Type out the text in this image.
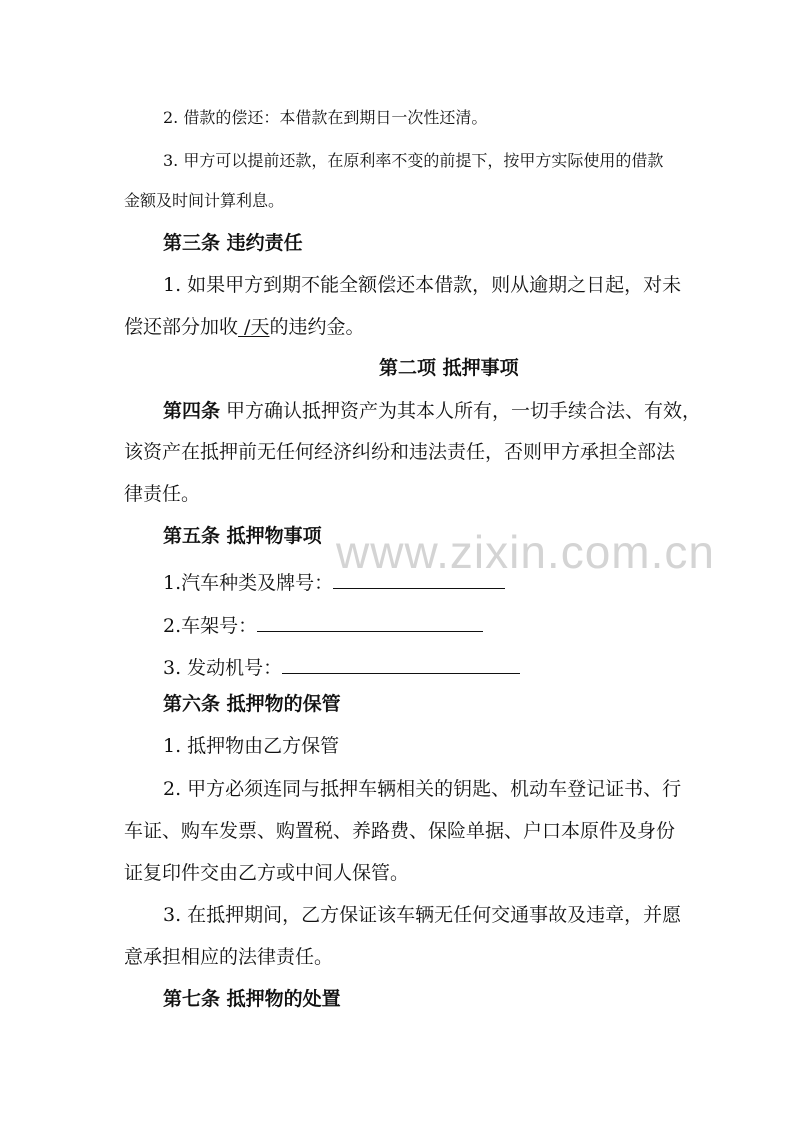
www.zixin.com.cn
2. 借款的偿还：本借款在到期日一次性还清。
3. 甲方可以提前还款，在原利率不变的前提下，按甲方实际使用的借款
金额及时间计算利息。
第三条 违约责任
1. 如果甲方到期不能全额偿还本借款，则从逾期之日起，对未
偿还部分加收 /天的违约金。
第二项 抵押事项
第四条 甲方确认抵押资产为其本人所有，一切手续合法、有效，
该资产在抵押前无任何经济纠纷和违法责任，否则甲方承担全部法
律责任。
第五条 抵押物事项
1.汽车种类及牌号：
2.车架号：
3. 发动机号：
第六条 抵押物的保管
1. 抵押物由乙方保管
2. 甲方必须连同与抵押车辆相关的钥匙、机动车登记证书、行
车证、购车发票、购置税、养路费、保险单据、户口本原件及身份
证复印件交由乙方或中间人保管。
3. 在抵押期间，乙方保证该车辆无任何交通事故及违章，并愿
意承担相应的法律责任。
第七条 抵押物的处置
